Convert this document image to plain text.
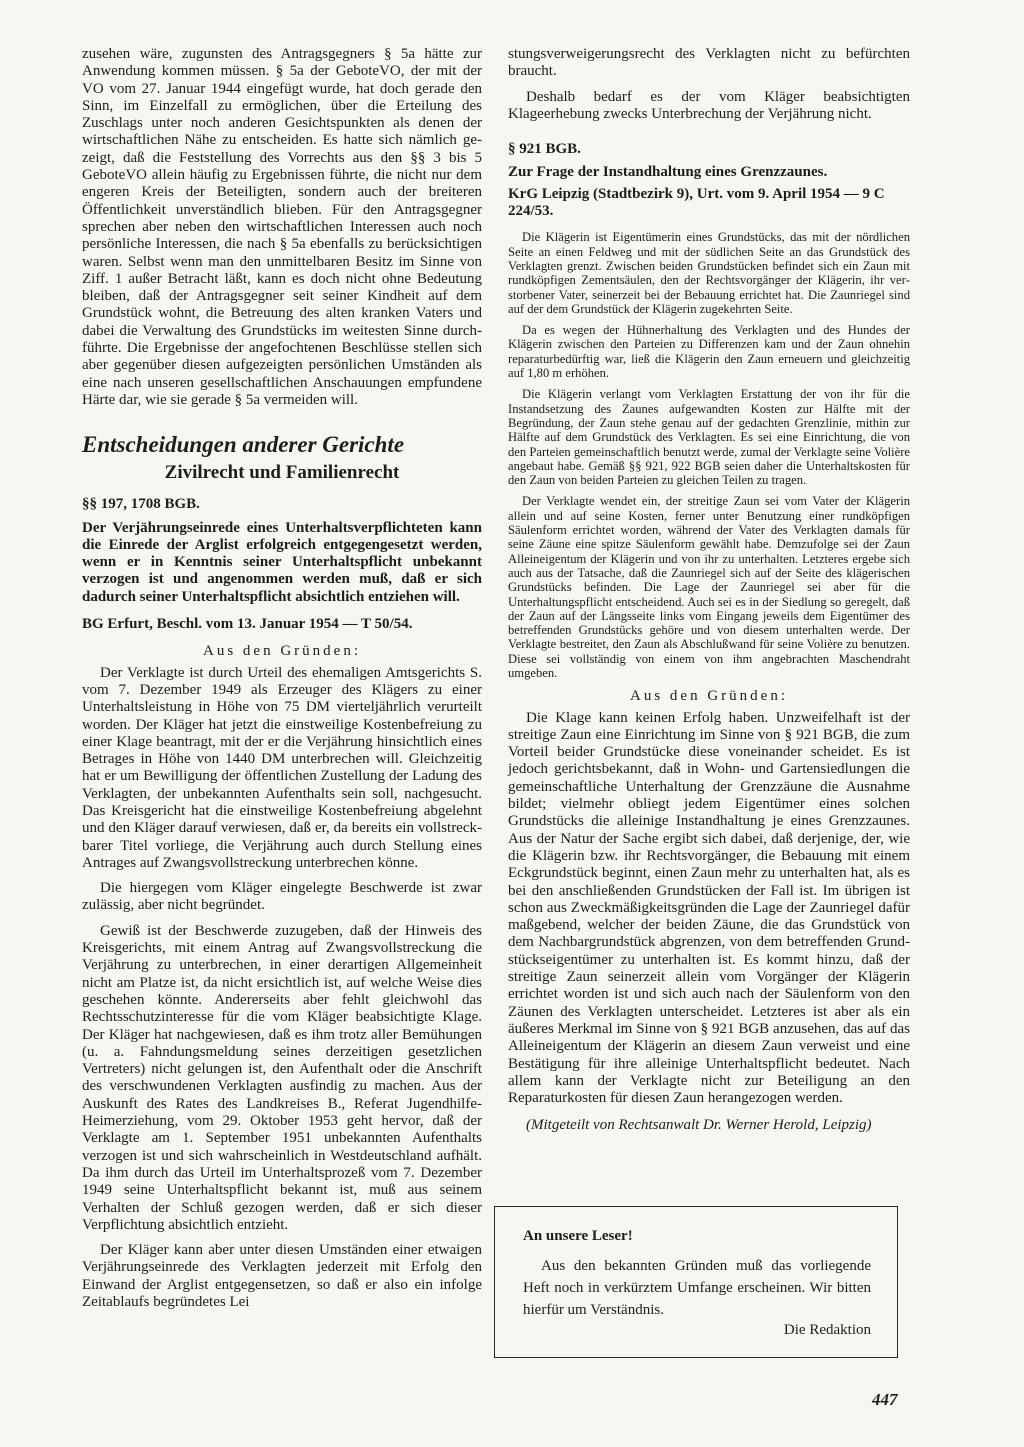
zusehen wäre, zugunsten des Antragsgegners § 5a hätte zur Anwendung kommen müssen. § 5a der GeboteVO, der mit der VO vom 27. Januar 1944 eingefügt wurde, hat doch gerade den Sinn, im Einzelfall zu ermöglichen, über die Erteilung des Zuschlags unter noch anderen Gesichtspunkten als denen der wirtschaftlichen Nähe zu entscheiden. Es hatte sich nämlich gezeigt, daß die Feststellung des Vorrechts aus den §§ 3 bis 5 GeboteVO allein häufig zu Ergebnissen führte, die nicht nur dem engeren Kreis der Beteiligten, sondern auch der breiteren Öffentlichkeit unverständlich blieben. Für den Antragsgegner sprechen aber neben den wirtschaftlichen Interessen auch noch persönliche Interessen, die nach § 5a ebenfalls zu berücksichtigen waren. Selbst wenn man den unmittelbaren Besitz im Sinne von Ziff. 1 außer Betracht läßt, kann es doch nicht ohne Bedeutung bleiben, daß der Antragsgegner seit seiner Kindheit auf dem Grundstück wohnt, die Betreuung des alten kranken Vaters und dabei die Verwaltung des Grundstücks im weitesten Sinne durchführte. Die Ergebnisse der angefochtenen Beschlüsse stellen sich aber gegenüber diesen aufgezeigten persönlichen Umständen als eine nach unseren gesellschaftlichen Anschauungen empfundene Härte dar, wie sie gerade § 5a vermeiden will.

Entscheidungen anderer Gerichte
Zivilrecht und Familienrecht
§§ 197, 1708 BGB.
Der Verjährungseinrede eines Unterhaltsverpflichteten kann die Einrede der Arglist erfolgreich entgegengesetzt werden, wenn er in Kenntnis seiner Unterhaltspflicht unbekannt verzogen ist und angenommen werden muß, daß er sich dadurch seiner Unterhaltspflicht absichtlich entziehen will.
BG Erfurt, Beschl. vom 13. Januar 1954 — T 50/54.
Aus den Gründen:

Der Verklagte ist durch Urteil des ehemaligen Amtsgerichts S. vom 7. Dezember 1949 als Erzeuger des Klägers zu einer Unterhaltsleistung in Höhe von 75 DM vierteljährlich verurteilt worden. Der Kläger hat jetzt die einstweilige Kostenbefreiung zu einer Klage beantragt, mit der er die Verjährung hinsichtlich eines Betrages in Höhe von 1440 DM unterbrechen will. Gleichzeitig hat er um Bewilligung der öffentlichen Zustellung der Ladung des Verklagten, der unbekannten Aufenthalts sein soll, nachgesucht. Das Kreisgericht hat die einstweilige Kostenbefreiung abgelehnt und den Kläger darauf verwiesen, daß er, da bereits ein vollstreckbarer Titel vorliege, die Verjährung auch durch Stellung eines Antrages auf Zwangsvollstreckung unterbrechen könne.

Die hiergegen vom Kläger eingelegte Beschwerde ist zwar zulässig, aber nicht begründet.

Gewiß ist der Beschwerde zuzugeben, daß der Hinweis des Kreisgerichts, mit einem Antrag auf Zwangsvollstreckung die Verjährung zu unterbrechen, in einer derartigen Allgemeinheit nicht am Platze ist, da nicht ersichtlich ist, auf welche Weise dies geschehen könnte. Andererseits aber fehlt gleichwohl das Rechtsschutzinteresse für die vom Kläger beabsichtigte Klage. Der Kläger hat nachgewiesen, daß es ihm trotz aller Bemühungen (u. a. Fahndungsmeldung seines derzeitigen gesetzlichen Vertreters) nicht gelungen ist, den Aufenthalt oder die Anschrift des verschwundenen Verklagten ausfindig zu machen. Aus der Auskunft des Rates des Landkreises B., Referat Jugendhilfe-Heimerziehung, vom 29. Oktober 1953 geht hervor, daß der Verklagte am 1. September 1951 unbekannten Aufenthalts verzogen ist und sich wahrscheinlich in Westdeutschland aufhält. Da ihm durch das Urteil im Unterhaltsprozeß vom 7. Dezember 1949 seine Unterhaltspflicht bekannt ist, muß aus seinem Verhalten der Schluß gezogen werden, daß er sich dieser Verpflichtung absichtlich entzieht.

Der Kläger kann aber unter diesen Umständen einer etwaigen Verjährungseinrede des Verklagten jederzeit mit Erfolg den Einwand der Arglist entgegensetzen, so daß er also ein infolge Zeitablaufs begründetes Lei

stungsverweigerungsrecht des Verklagten nicht zu befürchten braucht.

Deshalb bedarf es der vom Kläger beabsichtigten Klageerhebung zwecks Unterbrechung der Verjährung nicht.

§ 921 BGB.
Zur Frage der Instandhaltung eines Grenzzaunes.
KrG Leipzig (Stadtbezirk 9), Urt. vom 9. April 1954 — 9 C 224/53.

Die Klägerin ist Eigentümerin eines Grundstücks, das mit der nördlichen Seite an einen Feldweg und mit der südlichen Seite an das Grundstück des Verklagten grenzt. Zwischen beiden Grundstücken befindet sich ein Zaun mit rundköpfigen Zementsäulen, den der Rechtsvorgänger der Klägerin, ihr verstorbener Vater, seinerzeit bei der Bebauung errichtet hat. Die Zaunriegel sind auf der dem Grundstück der Klägerin zugekehrten Seite.

Da es wegen der Hühnerhaltung des Verklagten und des Hundes der Klägerin zwischen den Parteien zu Differenzen kam und der Zaun ohnehin reparaturbedürftig war, ließ die Klägerin den Zaun erneuern und gleichzeitig auf 1,80 m erhöhen.

Die Klägerin verlangt vom Verklagten Erstattung der von ihr für die Instandsetzung des Zaunes aufgewandten Kosten zur Hälfte mit der Begründung, der Zaun stehe genau auf der gedachten Grenzlinie, mithin zur Hälfte auf dem Grundstück des Verklagten. Es sei eine Einrichtung, die von den Parteien gemeinschaftlich benutzt werde, zumal der Verklagte seine Volière angebaut habe. Gemäß §§ 921, 922 BGB seien daher die Unterhaltskosten für den Zaun von beiden Parteien zu gleichen Teilen zu tragen.

Der Verklagte wendet ein, der streitige Zaun sei vom Vater der Klägerin allein und auf seine Kosten, ferner unter Benutzung einer rundköpfigen Säulenform errichtet worden, während der Vater des Verklagten damals für seine Zäune eine spitze Säulenform gewählt habe. Demzufolge sei der Zaun Alleineigentum der Klägerin und von ihr zu unterhalten. Letzteres ergebe sich auch aus der Tatsache, daß die Zaunriegel sich auf der Seite des klägerischen Grundstücks befinden. Die Lage der Zaunriegel sei aber für die Unterhaltungspflicht entscheidend. Auch sei es in der Siedlung so geregelt, daß der Zaun auf der Längsseite links vom Eingang jeweils dem Eigentümer des betreffenden Grundstücks gehöre und von diesem unterhalten werde. Der Verklagte bestreitet, den Zaun als Abschlußwand für seine Volière zu benutzen. Diese sei vollständig von einem von ihm angebrachten Maschendraht umgeben.

Aus den Gründen:

Die Klage kann keinen Erfolg haben. Unzweifelhaft ist der streitige Zaun eine Einrichtung im Sinne von § 921 BGB, die zum Vorteil beider Grundstücke diese voneinander scheidet. Es ist jedoch gerichtsbekannt, daß in Wohn- und Gartensiedlungen die gemeinschaftliche Unterhaltung der Grenzzäune die Ausnahme bildet; vielmehr obliegt jedem Eigentümer eines solchen Grundstücks die alleinige Instandhaltung je eines Grenzzaunes. Aus der Natur der Sache ergibt sich dabei, daß derjenige, der, wie die Klägerin bzw. ihr Rechtsvorgänger, die Bebauung mit einem Eckgrundstück beginnt, einen Zaun mehr zu unterhalten hat, als es bei den anschließenden Grundstücken der Fall ist. Im übrigen ist schon aus Zweckmäßigkeitsgründen die Lage der Zaunriegel dafür maßgebend, welcher der beiden Zäune, die das Grundstück von dem Nachbargrundstück abgrenzen, von dem betreffenden Grundstückseigentümer zu unterhalten ist. Es kommt hinzu, daß der streitige Zaun seinerzeit allein vom Vorgänger der Klägerin errichtet worden ist und sich auch nach der Säulenform von den Zäunen des Verklagten unterscheidet. Letzteres ist aber als ein äußeres Merkmal im Sinne von § 921 BGB anzusehen, das auf das Alleineigentum der Klägerin an diesem Zaun verweist und eine Bestätigung für ihre alleinige Unterhaltspflicht bedeutet. Nach allem kann der Verklagte nicht zur Beteiligung an den Reparaturkosten für diesen Zaun herangezogen werden.

(Mitgeteilt von Rechtsanwalt Dr. Werner Herold, Leipzig)
An unsere Leser!
Aus den bekannten Gründen muß das vorliegende Heft noch in verkürztem Umfange erscheinen. Wir bitten hierfür um Verständnis.
Die Redaktion
447
